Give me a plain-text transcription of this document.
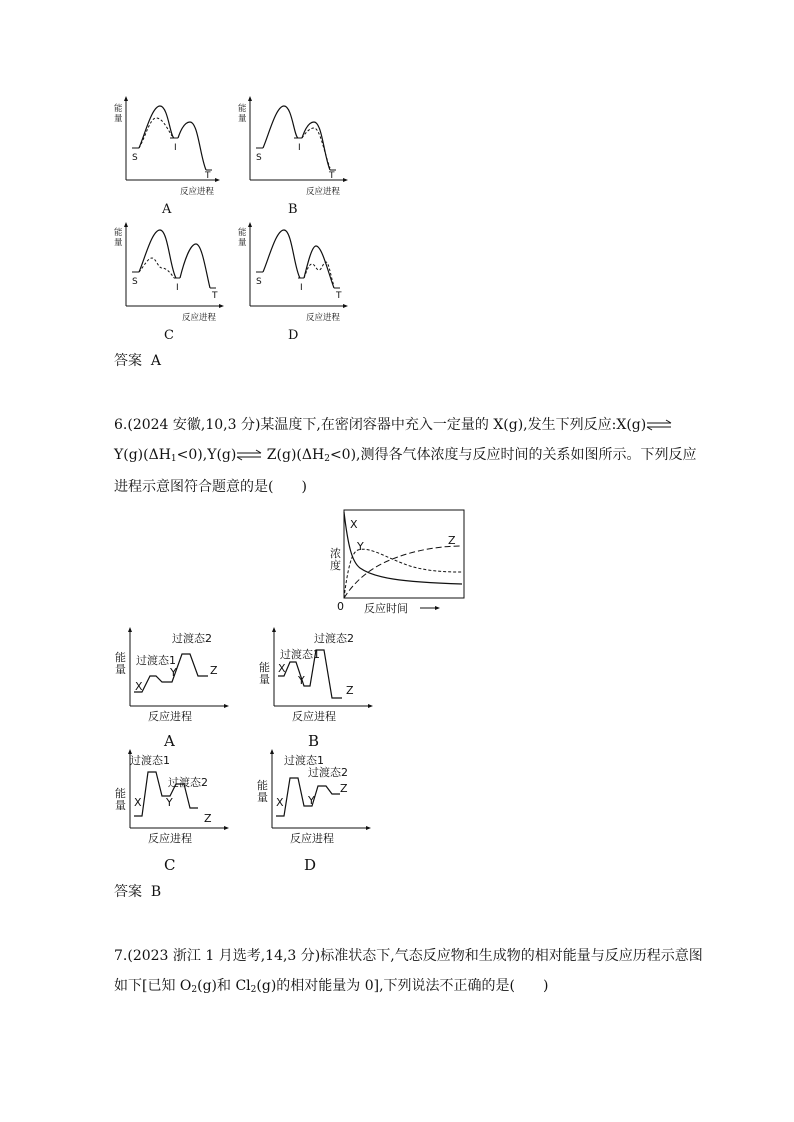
S
I
T
反应进程
能量
A
S
I
T
反应进程
能量
B
S
I
T
反应进程
能量
C
S
I
T
反应进程
能量
D
答案 A
6.(2024 安徽,10,3 分)某温度下,在密闭容器中充入一定量的 X(g),发生下列反应:X(g)⇌
$Y(g)(\Delta H_1<0),Y(g)\rightleftharpoons$ $Z(g)(\Delta H_2<0)$,测得各气体浓度与反应时间的关系如图所示。下列反应
进程示意图符合题意的是(　　)
X
Y	Z
0 反应时间
浓度
X
过渡态1
Y
过渡态2
Z
反应进程
能量
A
X
过渡态1
Y
过渡态2
Z
反应进程
能量
B
X
过渡态1
Y
过渡态2
Z
反应进程
能量
C
X
过渡态1
Y
过渡态2
Z
反应进程
能量
D
答案 B
7.(2023 浙江 1 月选考,14,3 分)标准状态下,气态反应物和生成物的相对能量与反应历程示意图
如下[已知 $O_2(g)$和 $Cl_2(g)$的相对能量为 0],下列说法不正确的是(　　)
